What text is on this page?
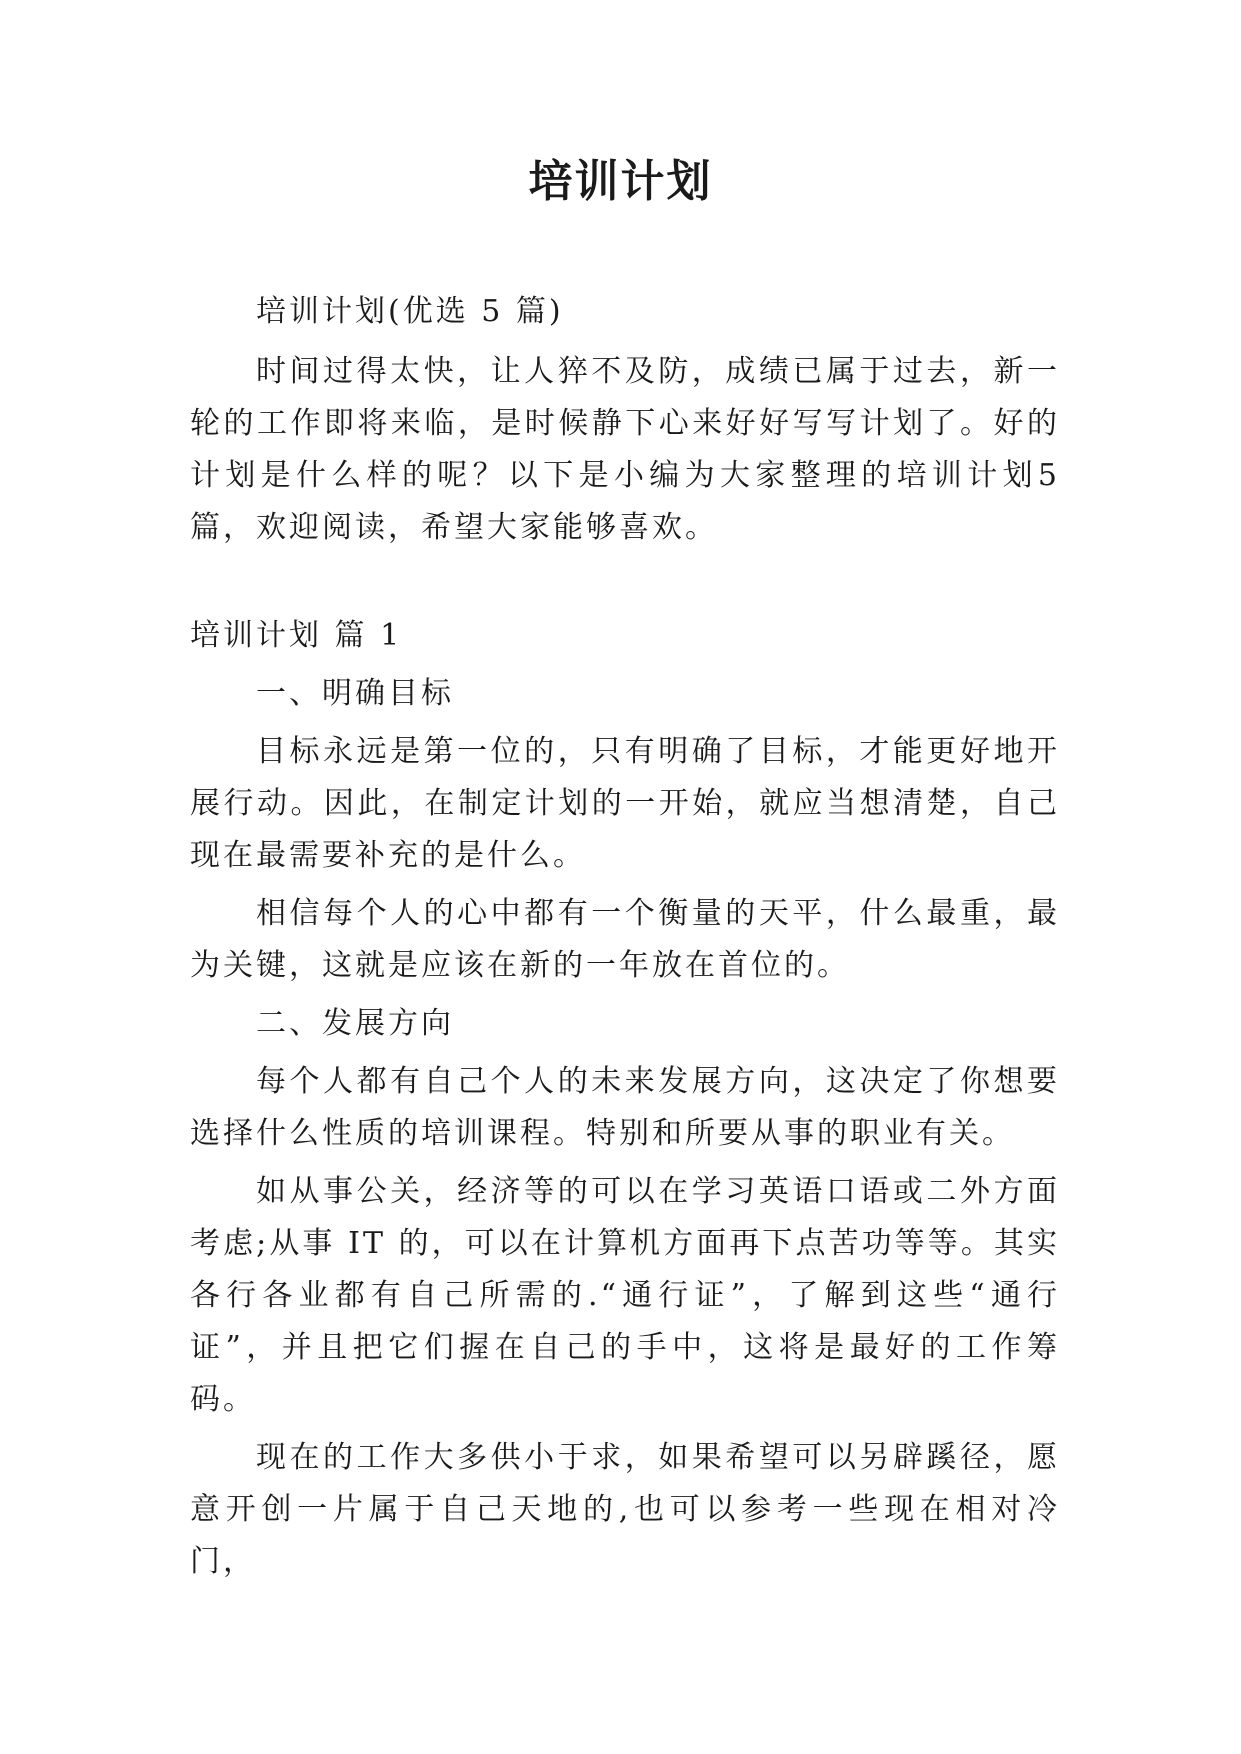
培训计划

培训计划(优选 5 篇)

时间过得太快，让人猝不及防，成绩已属于过去，新一轮的工作即将来临，是时候静下心来好好写写计划了。好的计划是什么样的呢？以下是小编为大家整理的培训计划5篇，欢迎阅读，希望大家能够喜欢。

培训计划 篇 1

一、明确目标

目标永远是第一位的，只有明确了目标，才能更好地开展行动。因此，在制定计划的一开始，就应当想清楚，自己现在最需要补充的是什么。

相信每个人的心中都有一个衡量的天平，什么最重，最为关键，这就是应该在新的一年放在首位的。

二、发展方向

每个人都有自己个人的未来发展方向，这决定了你想要选择什么性质的培训课程。特别和所要从事的职业有关。

如从事公关，经济等的可以在学习英语口语或二外方面考虑;从事 IT 的，可以在计算机方面再下点苦功等等。其实各行各业都有自己所需的.“通行证”，了解到这些“通行证”，并且把它们握在自己的手中，这将是最好的工作筹码。

现在的工作大多供小于求，如果希望可以另辟蹊径，愿意开创一片属于自己天地的,也可以参考一些现在相对冷门，
